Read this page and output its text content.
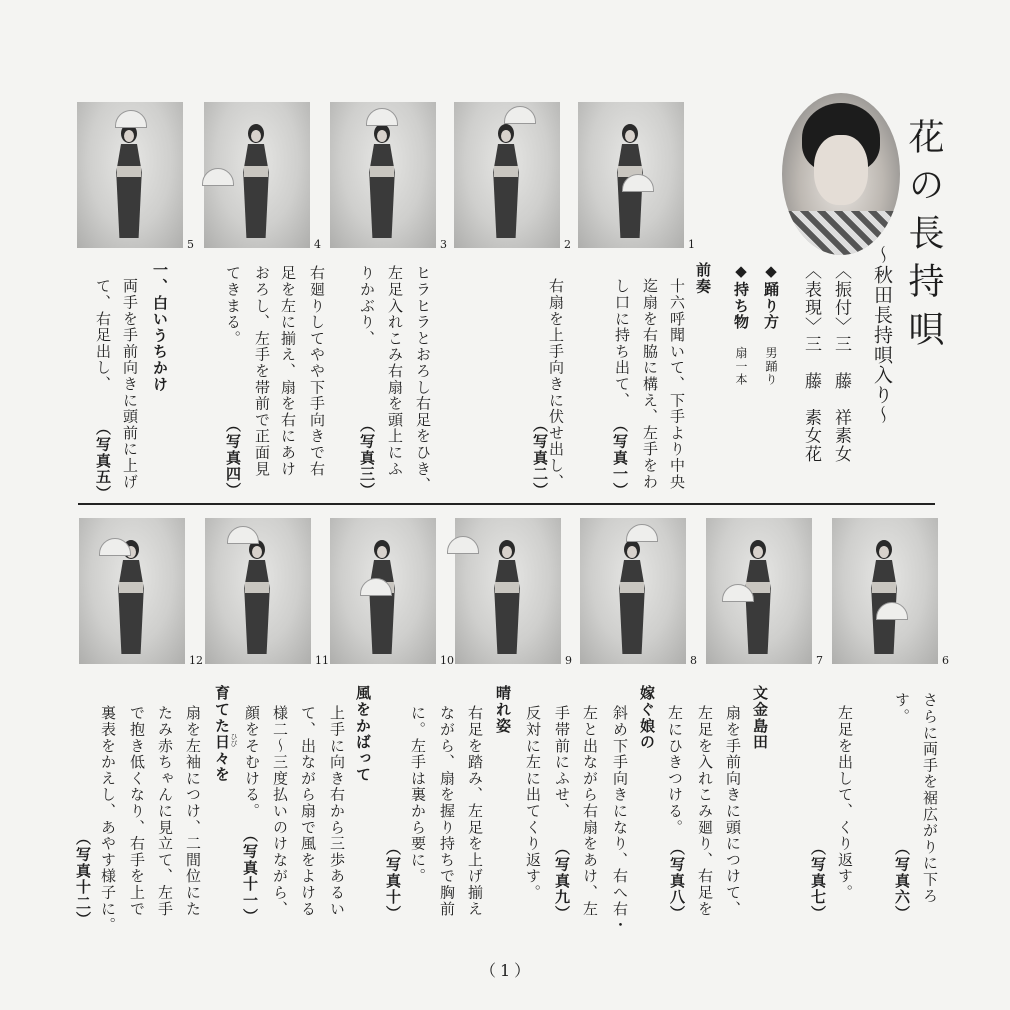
花の長持唄
～秋田長持唄入り～
〈振付〉三　藤　祥素女
〈表現〉三　藤　素女花
◆踊り方　男踊り
◆持ち物　扇一本
（1）
5	4	3	2	1
12	11	10	9	8	7	6
前奏
十六呼聞いて、下手より中央
迄扇を右脇に構え、左手をわ
し口に持ち出て、
右扇を上手向きに伏せ出し、
ヒラヒラとおろし右足をひき、
左足入れこみ右扇を頭上にふ
りかぶり、
右廻りしてやや下手向きで右
足を左に揃え、扇を右にあけ
おろし、左手を帯前で正面見
てきまる。
一、白いうちかけ
両手を手前向きに頭前に上げ
て、右足出し、
（写真一）
（写真二）
（写真三）
（写真四）
（写真五）
さらに両手を裾広がりに下ろ
す。
左足を出して、くり返す。
文金島田
扇を手前向きに頭につけて、
左足を入れこみ廻り、右足を
左にひきつける。
嫁ぐ娘の
斜め下手向きになり、右へ右・
左と出ながら右扇をあけ、左
手帯前にふせ、
反対に左に出てくり返す。
晴れ姿
右足を踏み、左足を上げ揃え
ながら、扇を握り持ちで胸前
に。左手は裏から要に。
風をかばって
上手に向き右から三歩あるい
て、出ながら扇で風をよける
様二～三度払いのけながら、
顔をそむける。
育てた日々を ひび
扇を左袖につけ、二間位にた
たみ赤ちゃんに見立て、左手
で抱き低くなり、右手を上で
裏表をかえし、あやす様子に。	（写真六）
（写真七）
（写真八）
（写真九）
（写真十）
（写真十一）
（写真十二）
